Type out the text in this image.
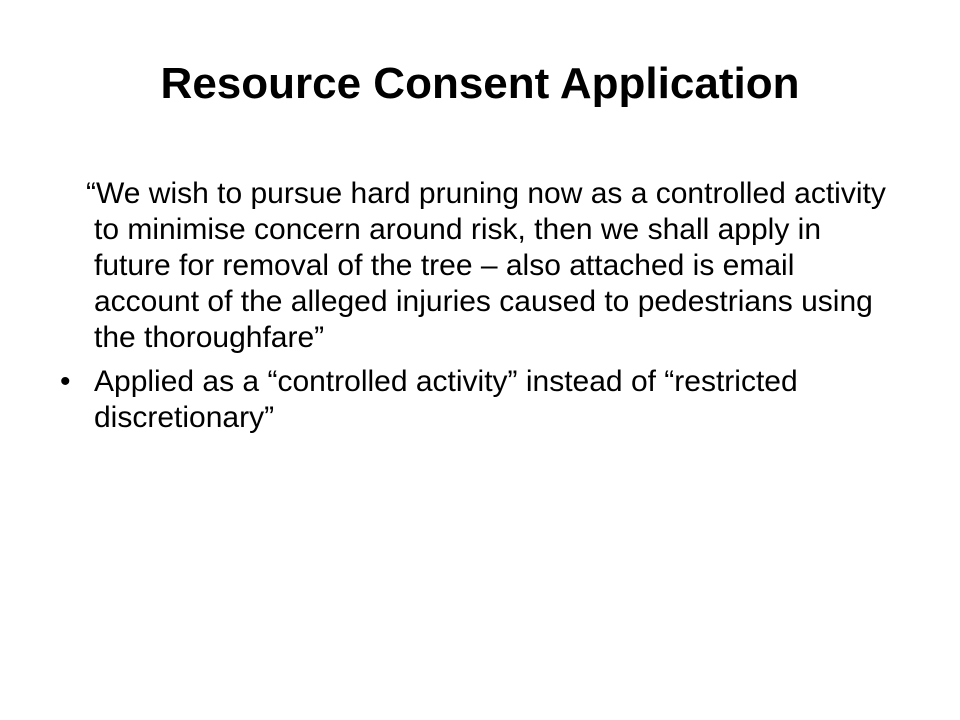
Resource Consent Application

“We wish to pursue hard pruning now as a controlled activity to minimise concern around risk, then we shall apply in future for removal of the tree – also attached is email account of the alleged injuries caused to pedestrians using the thoroughfare”

• Applied as a “controlled activity” instead of “restricted discretionary”
